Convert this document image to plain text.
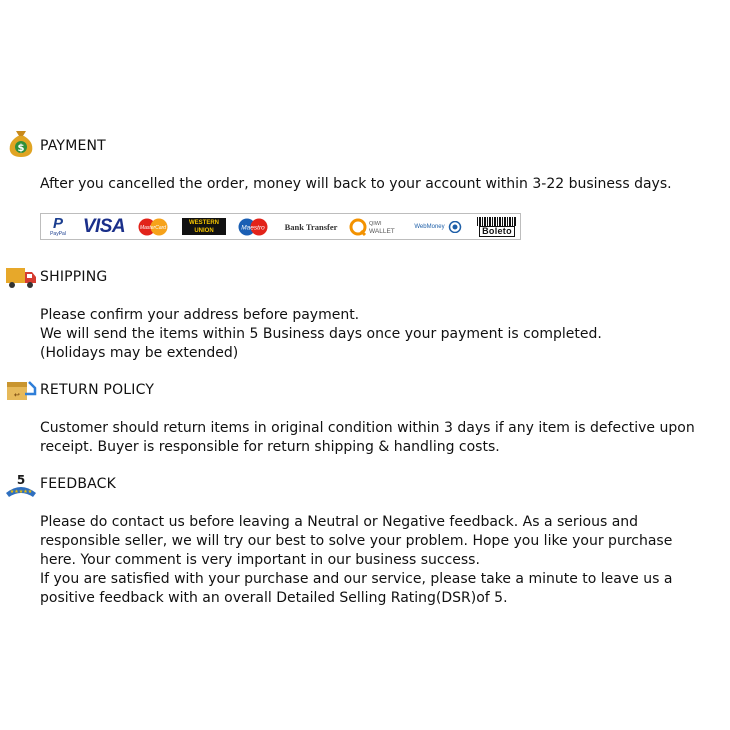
$ PAYMENT
After you cancelled the order, money will back to your account within 3-22 business days.
P
PayPal VISA	MasterCard
WESTERN
UNION	Maestro	Bank Transfer	QIWI
WALLET
WebMoney	Boleto
SHIPPING
Please confirm your address before payment.
We will send the items within 5 Business days once your payment is completed.
(Holidays may be extended)
↩ RETURN POLICY
Customer should return items in original condition within 3 days if any item is defective upon
receipt. Buyer is responsible for return shipping & handling costs.
5
★★★★★ FEEDBACK
Please do contact us before leaving a Neutral or Negative feedback. As a serious and
responsible seller, we will try our best to solve your problem. Hope you like your purchase
here. Your comment is very important in our business success.
If you are satisfied with your purchase and our service, please take a minute to leave us a
positive feedback with an overall Detailed Selling Rating(DSR)of 5.
